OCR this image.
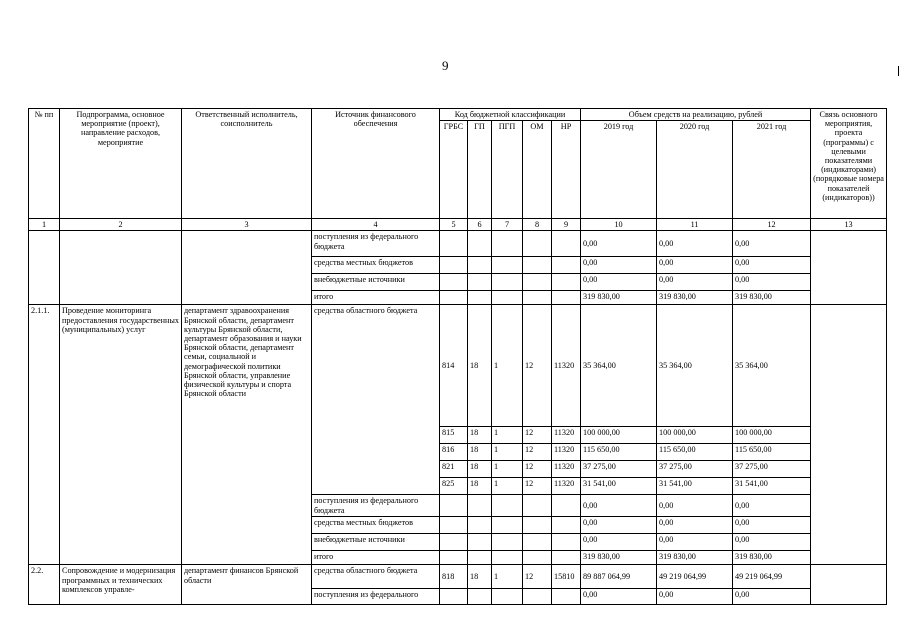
9
№ пп	Подпрограмма, основное мероприятие (проект), направление расходов, мероприятие	Ответственный исполнитель, соисполнитель	Источник финансового обеспечения	Код бюджетной классификации					Объем средств на реализацию, рублей			Связь основного мероприятия, проекта (программы) с целевыми показателями (индикаторами) (порядковые номера показателей (индикаторов))
				ГРБС	ГП	ПГП	ОМ	НР	2019 год	2020 год	2021 год	
1	2	3	4	5	6	7	8	9	10	11	12	13
			поступления из федерального бюджета						0,00	0,00	0,00	
			средства местных бюджетов						0,00	0,00	0,00	
			внебюджетные источники						0,00	0,00	0,00	
			итого						319 830,00	319 830,00	319 830,00	
2.1.1.	Проведение мониторинга предоставления государственных (муниципальных) услуг	департамент здравоохранения Брянской области, департамент культуры Брянской области, департамент образования и науки Брянской области, департамент семьи, социальной и демографической политики Брянской области, управление физической культуры и спорта Брянской области	средства областного бюджета	814	18	1	12	11320	35 364,00	35 364,00	35 364,00	
				815	18	1	12	11320	100 000,00	100 000,00	100 000,00	
				816	18	1	12	11320	115 650,00	115 650,00	115 650,00	
				821	18	1	12	11320	37 275,00	37 275,00	37 275,00	
				825	18	1	12	11320	31 541,00	31 541,00	31 541,00	
			поступления из федерального бюджета						0,00	0,00	0,00	
			средства местных бюджетов						0,00	0,00	0,00	
			внебюджетные источники						0,00	0,00	0,00	
			итого						319 830,00	319 830,00	319 830,00	
2.2.	Сопровождение и модернизация программных и технических комплексов управле-	департамент финансов Брянской области	средства областного бюджета	818	18	1	12	15810	89 887 064,99	49 219 064,99	49 219 064,99	
			поступления из федерального						0,00	0,00	0,00	
